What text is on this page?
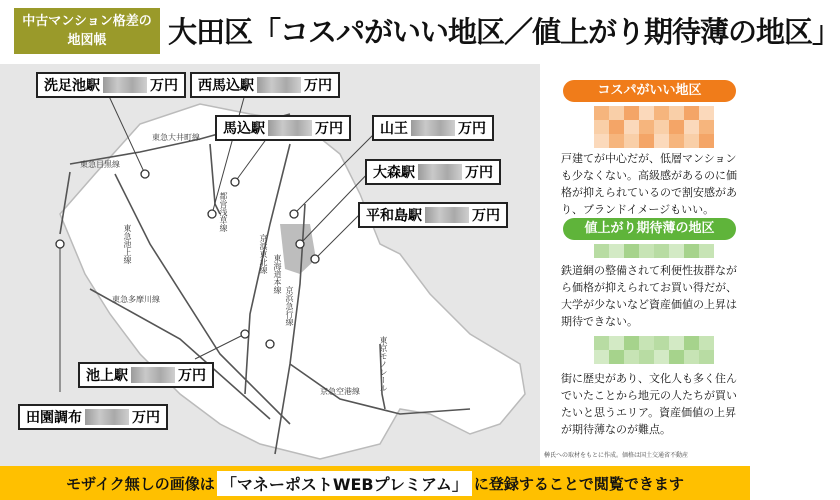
中古マンション格差の
地図帳	大田区「コスパがいい地区／値上がり期待薄の地区」
洗足池駅	万円 西馬込駅	万円
馬込駅	万円	山王	万円
大森駅	万円
平和島駅	万円
池上駅	万円
田園調布	万円
東急大井町線
東急目黒線
都営浅草線
東急池上線
東急多摩川線
東海道本線
京浜東北線
京浜急行線
東京モノレール
京急空港線
コスパがいい地区
戸建てが中心だが、低層マンションも少なくない。高級感があるのに価格が抑えられているので割安感があり、ブランドイメージもいい。
値上がり期待薄の地区
鉄道網の整備されて利便性抜群ながら価格が抑えられてお買い得だが、大学が少ないなど資産価値の上昇は期待できない。
街に歴史があり、文化人も多く住んでいたことから地元の人たちが買いたいと思うエリア。資産価値の上昇が期待薄なのが難点。
榊氏への取材をもとに作成。価格は国土交通省不動産
モザイク無しの画像は 「マネーポストWEBプレミアム」 に登録することで閲覧できます
